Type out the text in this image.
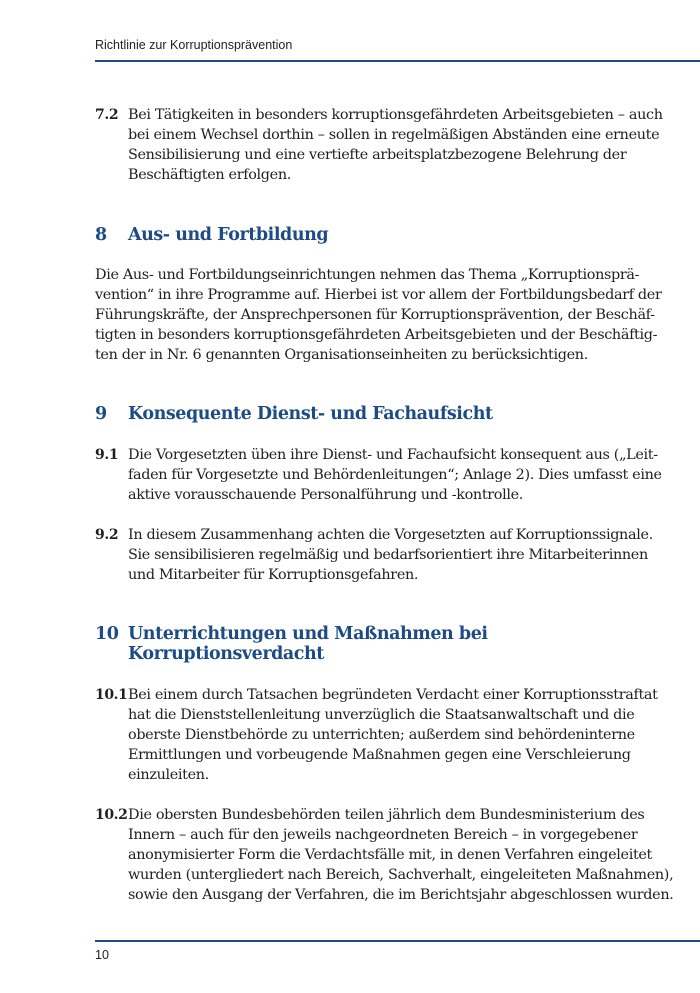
Richtlinie zur Korruptionsprävention
7.2 Bei Tätigkeiten in besonders korruptionsgefährdeten Arbeitsgebieten – auch
bei einem Wechsel dorthin – sollen in regelmäßigen Abständen eine erneute
Sensibilisierung und eine vertiefte arbeitsplatzbezogene Belehrung der
Beschäftigten erfolgen.
8 Aus- und Fortbildung
Die Aus- und Fortbildungseinrichtungen nehmen das Thema „Korruptionsprä-
vention“ in ihre Programme auf. Hierbei ist vor allem der Fortbildungsbedarf der
Führungskräfte, der Ansprechpersonen für Korruptionsprävention, der Beschäf-
tigten in besonders korruptionsgefährdeten Arbeitsgebieten und der Beschäftig-
ten der in Nr. 6 genannten Organisationseinheiten zu berücksichtigen.
9 Konsequente Dienst- und Fachaufsicht
9.1 Die Vorgesetzten üben ihre Dienst- und Fachaufsicht konsequent aus („Leit-
faden für Vorgesetzte und Behördenleitungen“; Anlage 2). Dies umfasst eine
aktive vorausschauende Personalführung und -kontrolle.
9.2 In diesem Zusammenhang achten die Vorgesetzten auf Korruptionssignale.
Sie sensibilisieren regelmäßig und bedarfsorientiert ihre Mitarbeiterinnen
und Mitarbeiter für Korruptionsgefahren.
10 Unterrichtungen und Maßnahmen bei
Korruptionsverdacht
10.1 Bei einem durch Tatsachen begründeten Verdacht einer Korruptionsstraftat
hat die Dienststellenleitung unverzüglich die Staatsanwaltschaft und die
oberste Dienstbehörde zu unterrichten; außerdem sind behördeninterne
Ermittlungen und vorbeugende Maßnahmen gegen eine Verschleierung
einzuleiten.
10.2 Die obersten Bundesbehörden teilen jährlich dem Bundesministerium des
Innern – auch für den jeweils nachgeordneten Bereich – in vorgegebener
anonymisierter Form die Verdachtsfälle mit, in denen Verfahren eingeleitet
wurden (untergliedert nach Bereich, Sachverhalt, eingeleiteten Maßnahmen),
sowie den Ausgang der Verfahren, die im Berichtsjahr abgeschlossen wurden.
10
